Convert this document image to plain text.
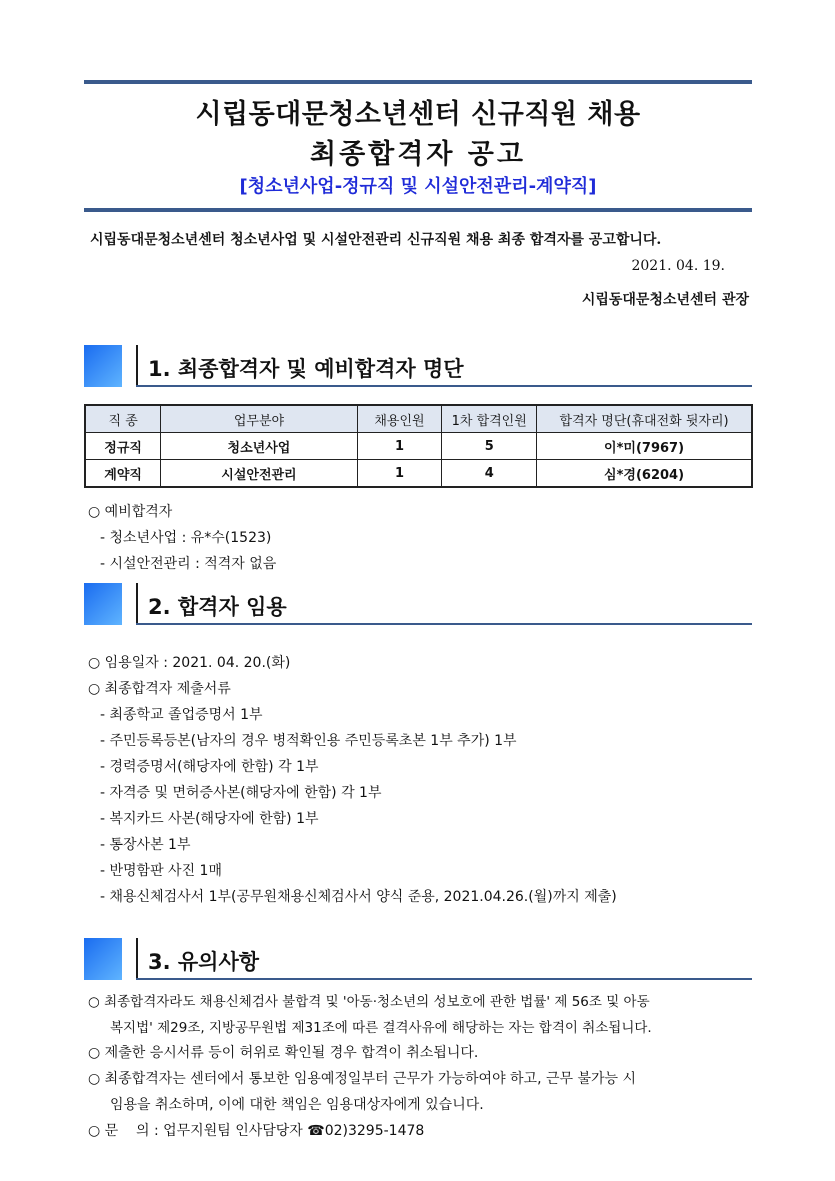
시립동대문청소년센터 신규직원 채용
최종합격자 공고
[청소년사업-정규직 및 시설안전관리-계약직]
시립동대문청소년센터 청소년사업 및 시설안전관리 신규직원 채용 최종 합격자를 공고합니다.
2021. 04. 19.
시립동대문청소년센터 관장
1. 최종합격자 및 예비합격자 명단
직 종	업무분야	채용인원	1차 합격인원	합격자 명단(휴대전화 뒷자리)
정규직	청소년사업	1	5	이*미(7967)
계약직	시설안전관리	1	4	심*경(6204)
○ 예비합격자
- 청소년사업 : 유*수(1523)
- 시설안전관리 : 적격자 없음
2. 합격자 임용
○ 임용일자 : 2021. 04. 20.(화)
○ 최종합격자 제출서류
- 최종학교 졸업증명서 1부
- 주민등록등본(남자의 경우 병적확인용 주민등록초본 1부 추가) 1부
- 경력증명서(해당자에 한함) 각 1부
- 자격증 및 면허증사본(해당자에 한함) 각 1부
- 복지카드 사본(해당자에 한함) 1부
- 통장사본 1부
- 반명함판 사진 1매
- 채용신체검사서 1부(공무원채용신체검사서 양식 준용, 2021.04.26.(월)까지 제출)
3. 유의사항
○ 최종합격자라도 채용신체검사 불합격 및 '아동·청소년의 성보호에 관한 법률' 제 56조 및 아동
복지법' 제29조, 지방공무원법 제31조에 따른 결격사유에 해당하는 자는 합격이 취소됩니다.
○ 제출한 응시서류 등이 허위로 확인될 경우 합격이 취소됩니다.
○ 최종합격자는 센터에서 통보한 임용예정일부터 근무가 가능하여야 하고, 근무 불가능 시
임용을 취소하며, 이에 대한 책임은 임용대상자에게 있습니다.
○ 문    의 : 업무지원팀 인사담당자 ☎02)3295-1478
